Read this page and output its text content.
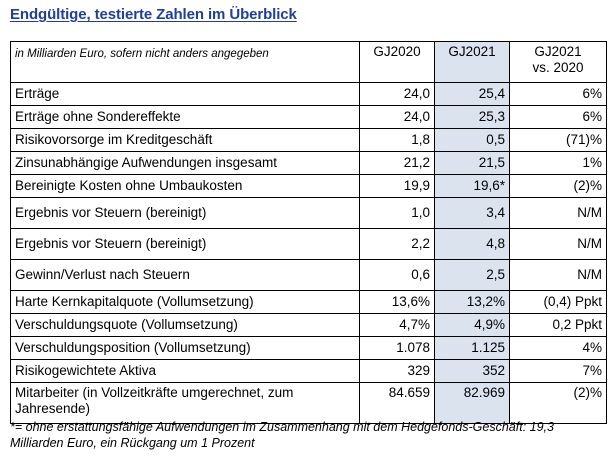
Endgültige, testierte Zahlen im Überblick
in Milliarden Euro, sofern nicht anders angegeben	GJ2020	GJ2021	GJ2021
vs. 2020

Erträge	24,0	25,4	6%
Erträge ohne Sondereffekte	24,0	25,3	6%
Risikovorsorge im Kreditgeschäft	1,8	0,5	(71)%
Zinsunabhängige Aufwendungen insgesamt	21,2	21,5	1%
Bereinigte Kosten ohne Umbaukosten	19,9	19,6*	(2)%
Ergebnis vor Steuern (bereinigt)	1,0	3,4	N/M
Ergebnis vor Steuern (bereinigt)	2,2	4,8	N/M
Gewinn/Verlust nach Steuern	0,6	2,5	N/M
Harte Kernkapitalquote (Vollumsetzung)	13,6%	13,2%	(0,4) Ppkt
Verschuldungsquote (Vollumsetzung)	4,7%	4,9%	0,2 Ppkt
Verschuldungsposition (Vollumsetzung)	1.078	1.125	4%
Risikogewichtete Aktiva	329	352	7%
Mitarbeiter (in Vollzeitkräfte umgerechnet, zum Jahresende)	84.659	82.969	(2)%
*= ohne erstattungsfähige Aufwendungen im Zusammenhang mit dem Hedgefonds-Geschäft: 19,3 Milliarden Euro, ein Rückgang um 1 Prozent
